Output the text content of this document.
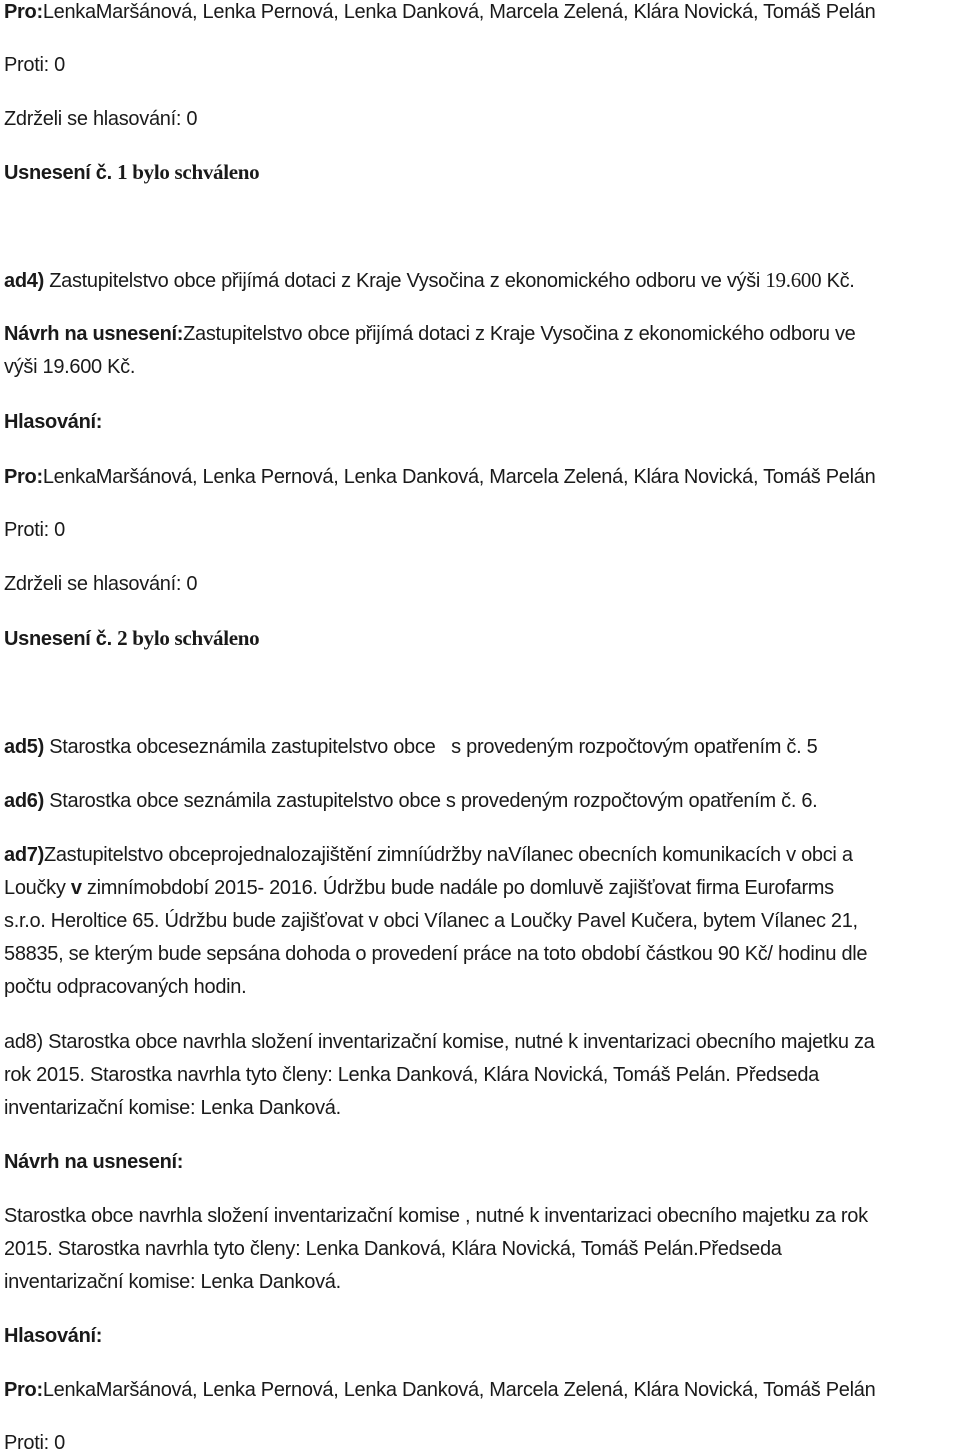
Pro:LenkaMaršánová, Lenka Pernová, Lenka Danková, Marcela Zelená, Klára Novická, Tomáš Pelán
Proti: 0
Zdrželi se hlasování: 0
Usnesení č. 1 bylo schváleno
ad4) Zastupitelstvo obce přijímá dotaci z Kraje Vysočina z ekonomického odboru ve výši 19.600 Kč.
Návrh na usnesení:Zastupitelstvo obce přijímá dotaci z Kraje Vysočina z ekonomického odboru ve
výši 19.600 Kč.
Hlasování:
Pro:LenkaMaršánová, Lenka Pernová, Lenka Danková, Marcela Zelená, Klára Novická, Tomáš Pelán
Proti: 0
Zdrželi se hlasování: 0
Usnesení č. 2 bylo schváleno
ad5) Starostka obceseznámila zastupitelstvo obce   s provedeným rozpočtovým opatřením č. 5
ad6) Starostka obce seznámila zastupitelstvo obce s provedeným rozpočtovým opatřením č. 6.
ad7)Zastupitelstvo obceprojednalozajištění zimníúdržby naVílanec obecních komunikacích v obci a
Loučky v zimnímobdobí 2015- 2016. Údržbu bude nadále po domluvě zajišťovat firma Eurofarms
s.r.o. Heroltice 65. Údržbu bude zajišťovat v obci Vílanec a Loučky Pavel Kučera, bytem Vílanec 21,
58835, se kterým bude sepsána dohoda o provedení práce na toto období částkou 90 Kč/ hodinu dle
počtu odpracovaných hodin.
ad8) Starostka obce navrhla složení inventarizační komise, nutné k inventarizaci obecního majetku za
rok 2015. Starostka navrhla tyto členy: Lenka Danková, Klára Novická, Tomáš Pelán. Předseda
inventarizační komise: Lenka Danková.
Návrh na usnesení:
Starostka obce navrhla složení inventarizační komise , nutné k inventarizaci obecního majetku za rok
2015. Starostka navrhla tyto členy: Lenka Danková, Klára Novická, Tomáš Pelán.Předseda
inventarizační komise: Lenka Danková.
Hlasování:
Pro:LenkaMaršánová, Lenka Pernová, Lenka Danková, Marcela Zelená, Klára Novická, Tomáš Pelán
Proti: 0
